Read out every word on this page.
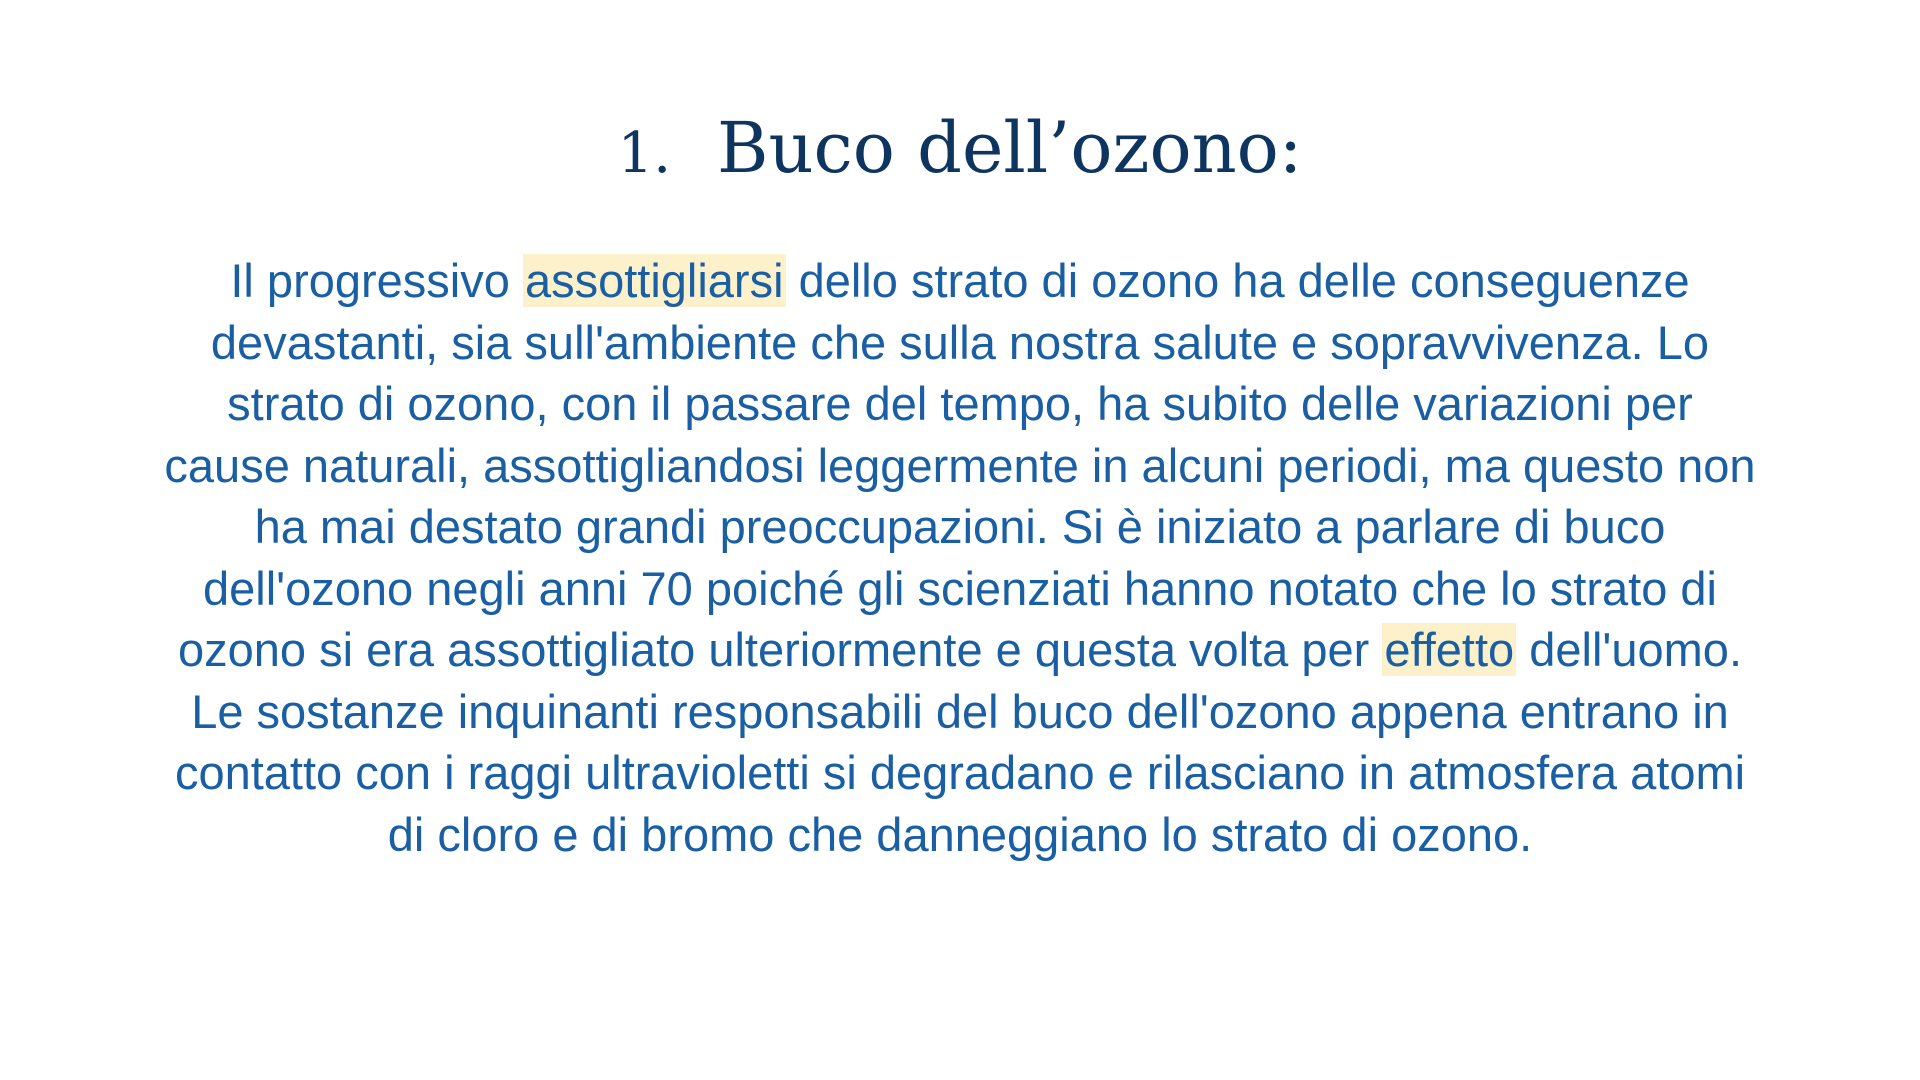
1. Buco dell’ozono:
Il progressivo assottigliarsi dello strato di ozono ha delle conseguenze devastanti, sia sull'ambiente che sulla nostra salute e sopravvivenza. Lo strato di ozono, con il passare del tempo, ha subito delle variazioni per cause naturali, assottigliandosi leggermente in alcuni periodi, ma questo non ha mai destato grandi preoccupazioni. Si è iniziato a parlare di buco dell'ozono negli anni 70 poiché gli scienziati hanno notato che lo strato di ozono si era assottigliato ulteriormente e questa volta per effetto dell'uomo. Le sostanze inquinanti responsabili del buco dell'ozono appena entrano in contatto con i raggi ultravioletti si degradano e rilasciano in atmosfera atomi di cloro e di bromo che danneggiano lo strato di ozono.
